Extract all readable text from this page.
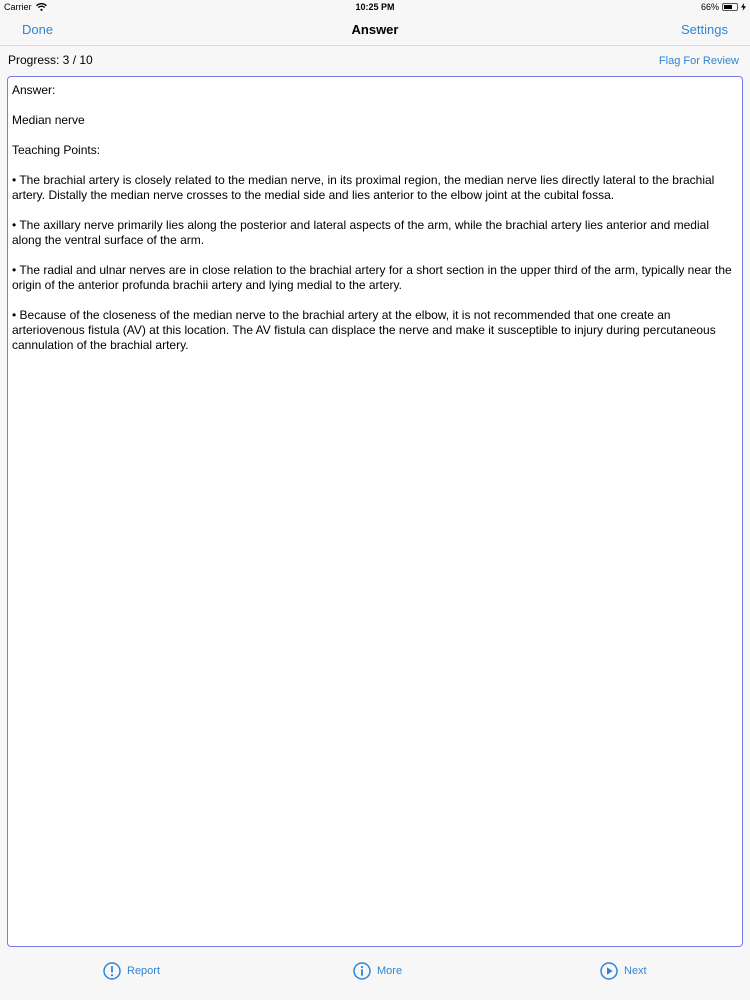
Carrier	10:25 PM	66%
Done	Answer	Settings
Progress: 3 / 10	Flag For Review

Answer:

Median nerve

Teaching Points:

• The brachial artery is closely related to the median nerve, in its proximal region, the median nerve lies directly lateral to the brachial artery. Distally the median nerve crosses to the medial side and lies anterior to the elbow joint at the cubital fossa.

• The axillary nerve primarily lies along the posterior and lateral aspects of the arm, while the brachial artery lies anterior and medial along the ventral surface of the arm.

• The radial and ulnar nerves are in close relation to the brachial artery for a short section in the upper third of the arm, typically near the origin of the anterior profunda brachii artery and lying medial to the artery.

• Because of the closeness of the median nerve to the brachial artery at the elbow, it is not recommended that one create an arteriovenous fistula (AV) at this location. The AV fistula can displace the nerve and make it susceptible to injury during percutaneous cannulation of the brachial artery.

Report	More	Next
